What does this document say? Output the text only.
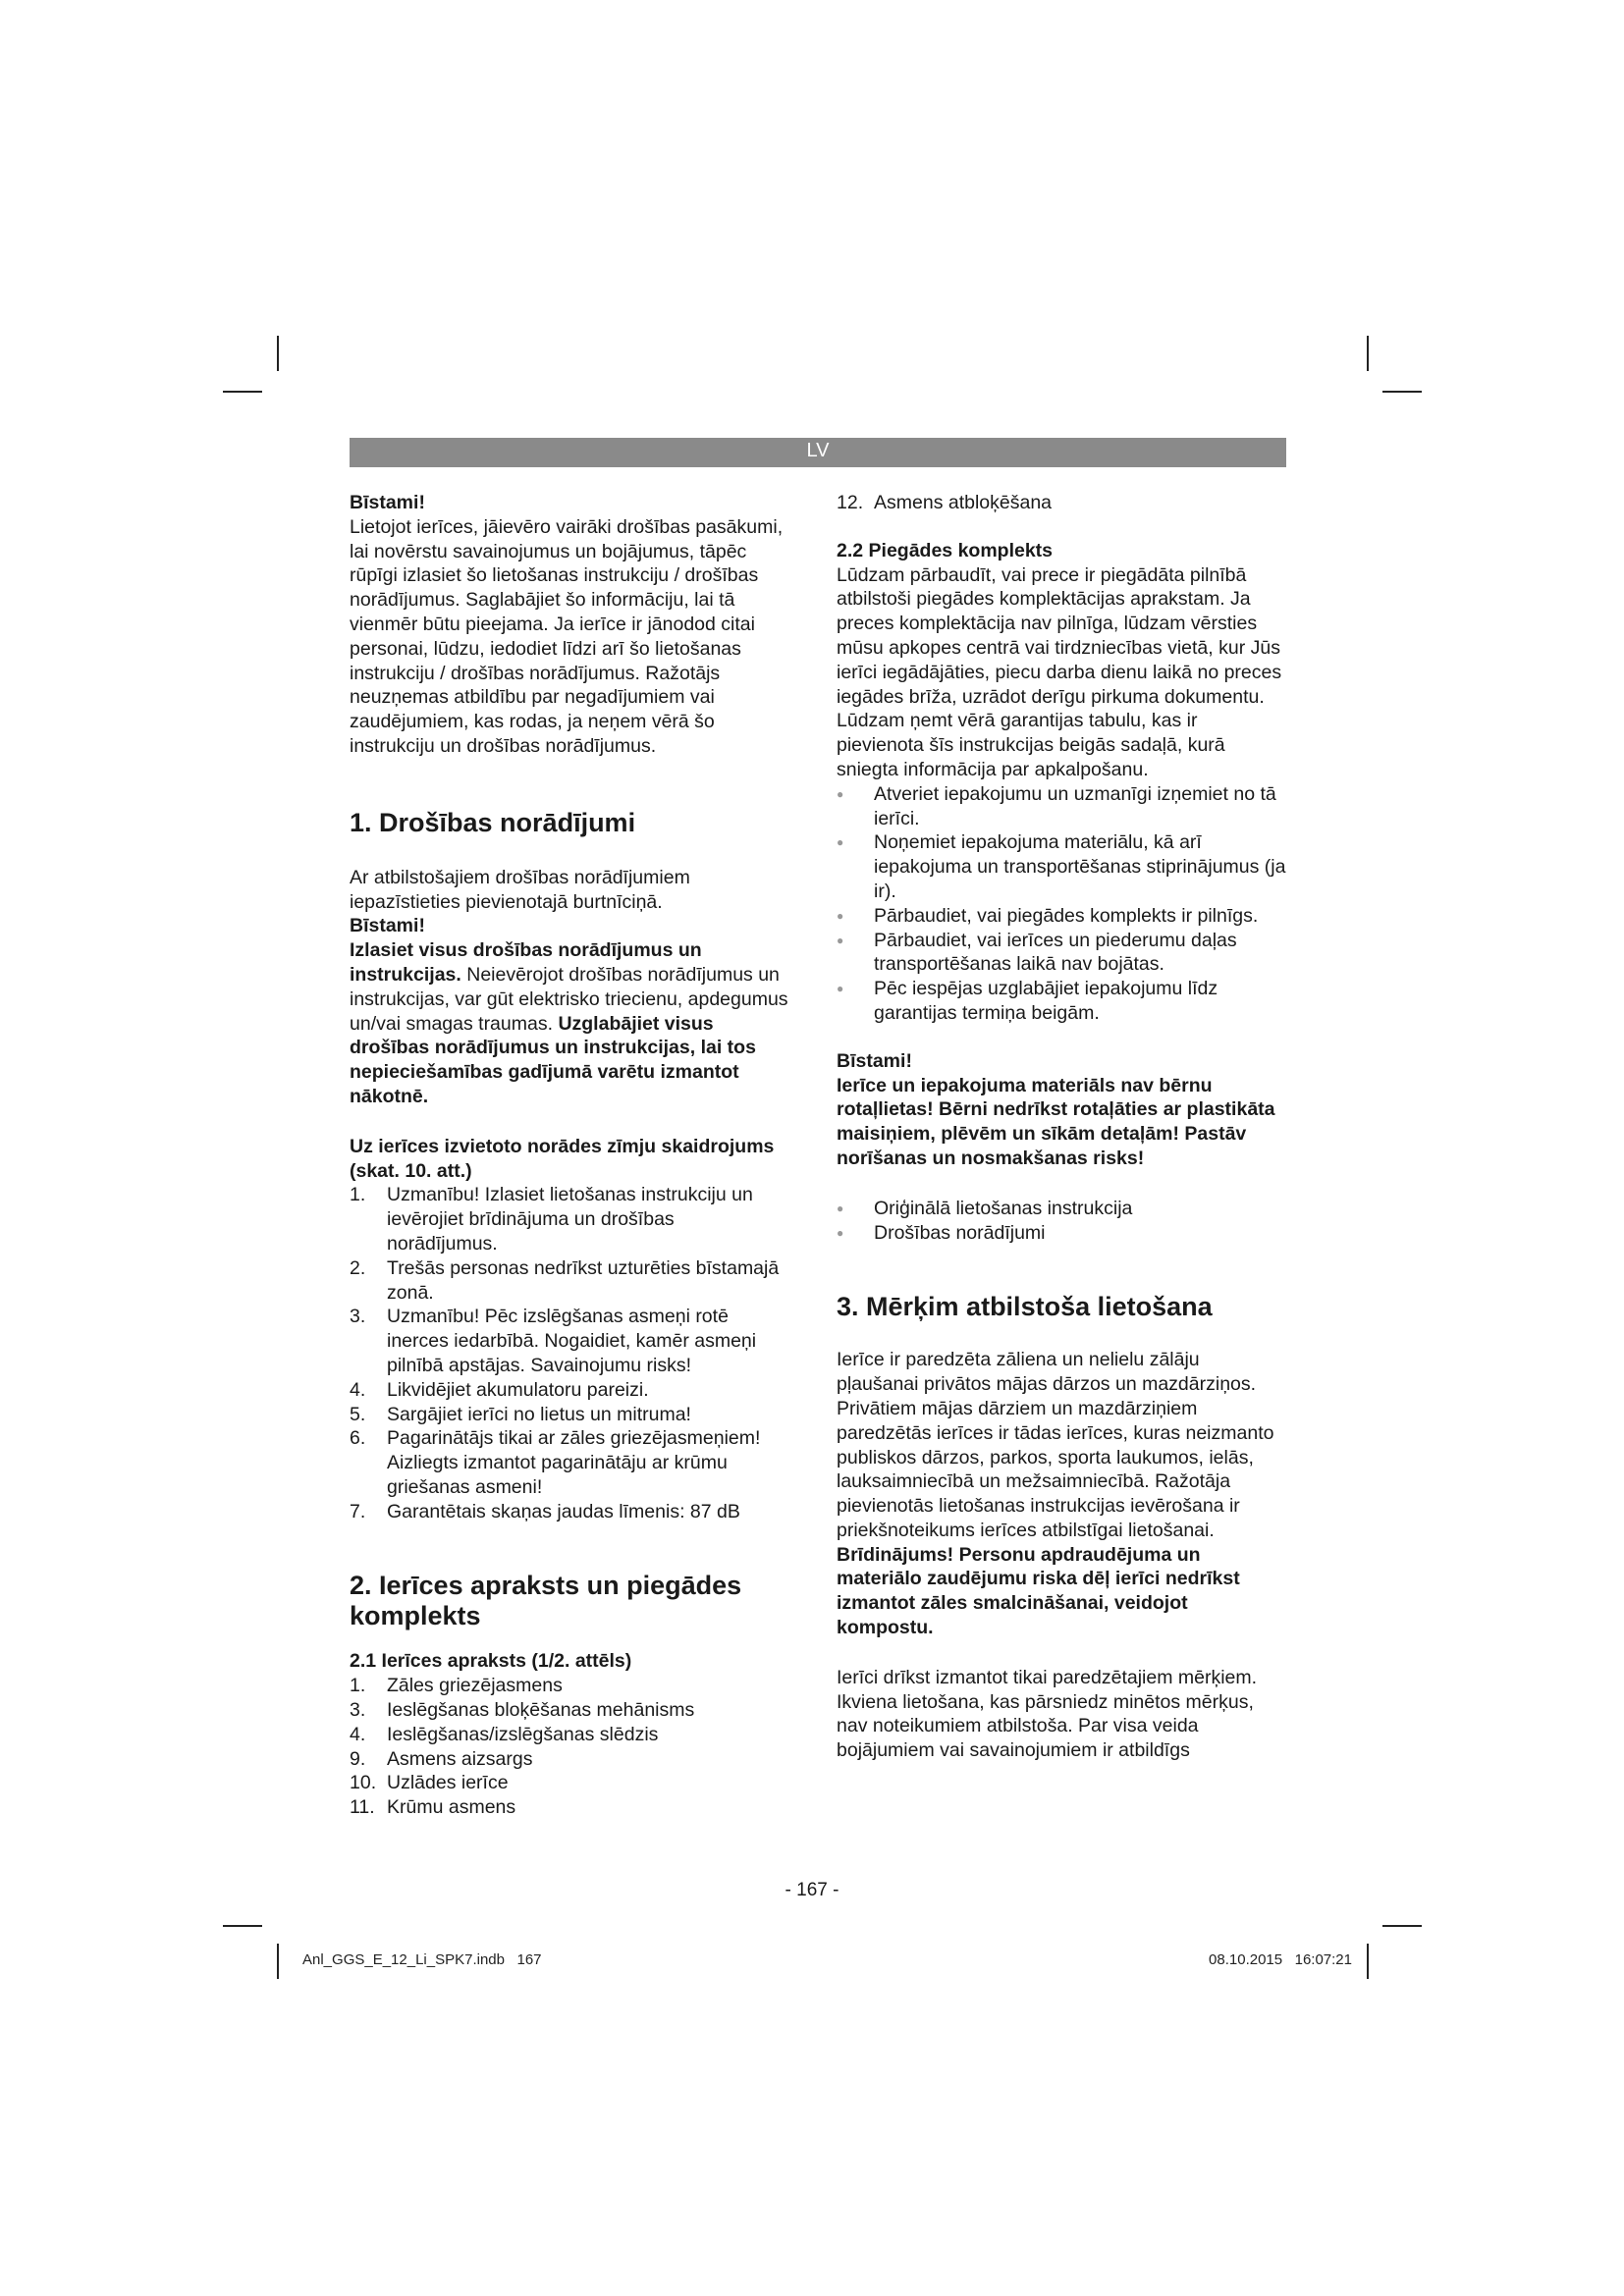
LV

Bīstami!

Lietojot ierīces, jāievēro vairāki drošības pasākumi, lai novērstu savainojumus un bojājumus, tāpēc rūpīgi izlasiet šo lietošanas instrukciju / drošības norādījumus. Saglabājiet šo informāciju, lai tā vienmēr būtu pieejama. Ja ierīce ir jānodod citai personai, lūdzu, iedodiet līdzi arī šo lietošanas instrukciju / drošības norādījumus. Ražotājs neuzņemas atbildību par negadījumiem vai zaudējumiem, kas rodas, ja neņem vērā šo instrukciju un drošības norādījumus.

1. Drošības norādījumi

Ar atbilstošajiem drošības norādījumiem iepazīstieties pievienotajā burtnīciņā.

Bīstami!

Izlasiet visus drošības norādījumus un instrukcijas. Neievērojot drošības norādījumus un instrukcijas, var gūt elektrisko triecienu, apdegumus un/vai smagas traumas. Uzglabājiet visus drošības norādījumus un instrukcijas, lai tos nepieciešamības gadījumā varētu izmantot nākotnē.

Uz ierīces izvietoto norādes zīmju skaidrojums (skat. 10. att.)

1. Uzmanību! Izlasiet lietošanas instrukciju un ievērojiet brīdinājuma un drošības norādījumus.
2. Trešās personas nedrīkst uzturēties bīstamajā zonā.
3. Uzmanību! Pēc izslēgšanas asmeņi rotē inerces iedarbībā. Nogaidiet, kamēr asmeņi pilnībā apstājas. Savainojumu risks!
4. Likvidējiet akumulatoru pareizi.
5. Sargājiet ierīci no lietus un mitruma!
6. Pagarinātājs tikai ar zāles griezējasmeņiem! Aizliegts izmantot pagarinātāju ar krūmu griešanas asmeni!
7. Garantētais skaņas jaudas līmenis: 87 dB
2. Ierīces apraksts un piegādes komplekts

2.1 Ierīces apraksts (1/2. attēls)

1. Zāles griezējasmens
3. Ieslēgšanas bloķēšanas mehānisms
4. Ieslēgšanas/izslēgšanas slēdzis
9. Asmens aizsargs
10. Uzlādes ierīce
11. Krūmu asmens
12. Asmens atbloķēšana

2.2 Piegādes komplekts

Lūdzam pārbaudīt, vai prece ir piegādāta pilnībā atbilstoši piegādes komplektācijas aprakstam. Ja preces komplektācija nav pilnīga, lūdzam vērsties mūsu apkopes centrā vai tirdzniecības vietā, kur Jūs ierīci iegādājāties, piecu darba dienu laikā no preces iegādes brīža, uzrādot derīgu pirkuma dokumentu. Lūdzam ņemt vērā garantijas tabulu, kas ir pievienota šīs instrukcijas beigās sadaļā, kurā sniegta informācija par apkalpošanu.

● Atveriet iepakojumu un uzmanīgi izņemiet no tā ierīci.
● Noņemiet iepakojuma materiālu, kā arī iepakojuma un transportēšanas stiprinājumus (ja ir).
● Pārbaudiet, vai piegādes komplekts ir pilnīgs.
● Pārbaudiet, vai ierīces un piederumu daļas transportēšanas laikā nav bojātas.
● Pēc iespējas uzglabājiet iepakojumu līdz garantijas termiņa beigām.

Bīstami!

Ierīce un iepakojuma materiāls nav bērnu rotaļlietas! Bērni nedrīkst rotaļāties ar plastikāta maisiņiem, plēvēm un sīkām detaļām! Pastāv norīšanas un nosmakšanas risks!

● Oriģinālā lietošanas instrukcija
● Drošības norādījumi
3. Mērķim atbilstoša lietošana

Ierīce ir paredzēta zāliena un nelielu zālāju pļaušanai privātos mājas dārzos un mazdārziņos. Privātiem mājas dārziem un mazdārziņiem paredzētās ierīces ir tādas ierīces, kuras neizmanto publiskos dārzos, parkos, sporta laukumos, ielās, lauksaimniecībā un mežsaimniecībā. Ražotāja pievienotās lietošanas instrukcijas ievērošana ir priekšnoteikums ierīces atbilstīgai lietošanai.

Brīdinājums! Personu apdraudējuma un materiālo zaudējumu riska dēļ ierīci nedrīkst izmantot zāles smalcināšanai, veidojot kompostu.

Ierīci drīkst izmantot tikai paredzētajiem mērķiem. Ikviena lietošana, kas pārsniedz minētos mērķus, nav noteikumiem atbilstoša. Par visa veida bojājumiem vai savainojumiem ir atbildīgs

- 167 -
Anl_GGS_E_12_Li_SPK7.indb   167	08.10.2015   16:07:21
